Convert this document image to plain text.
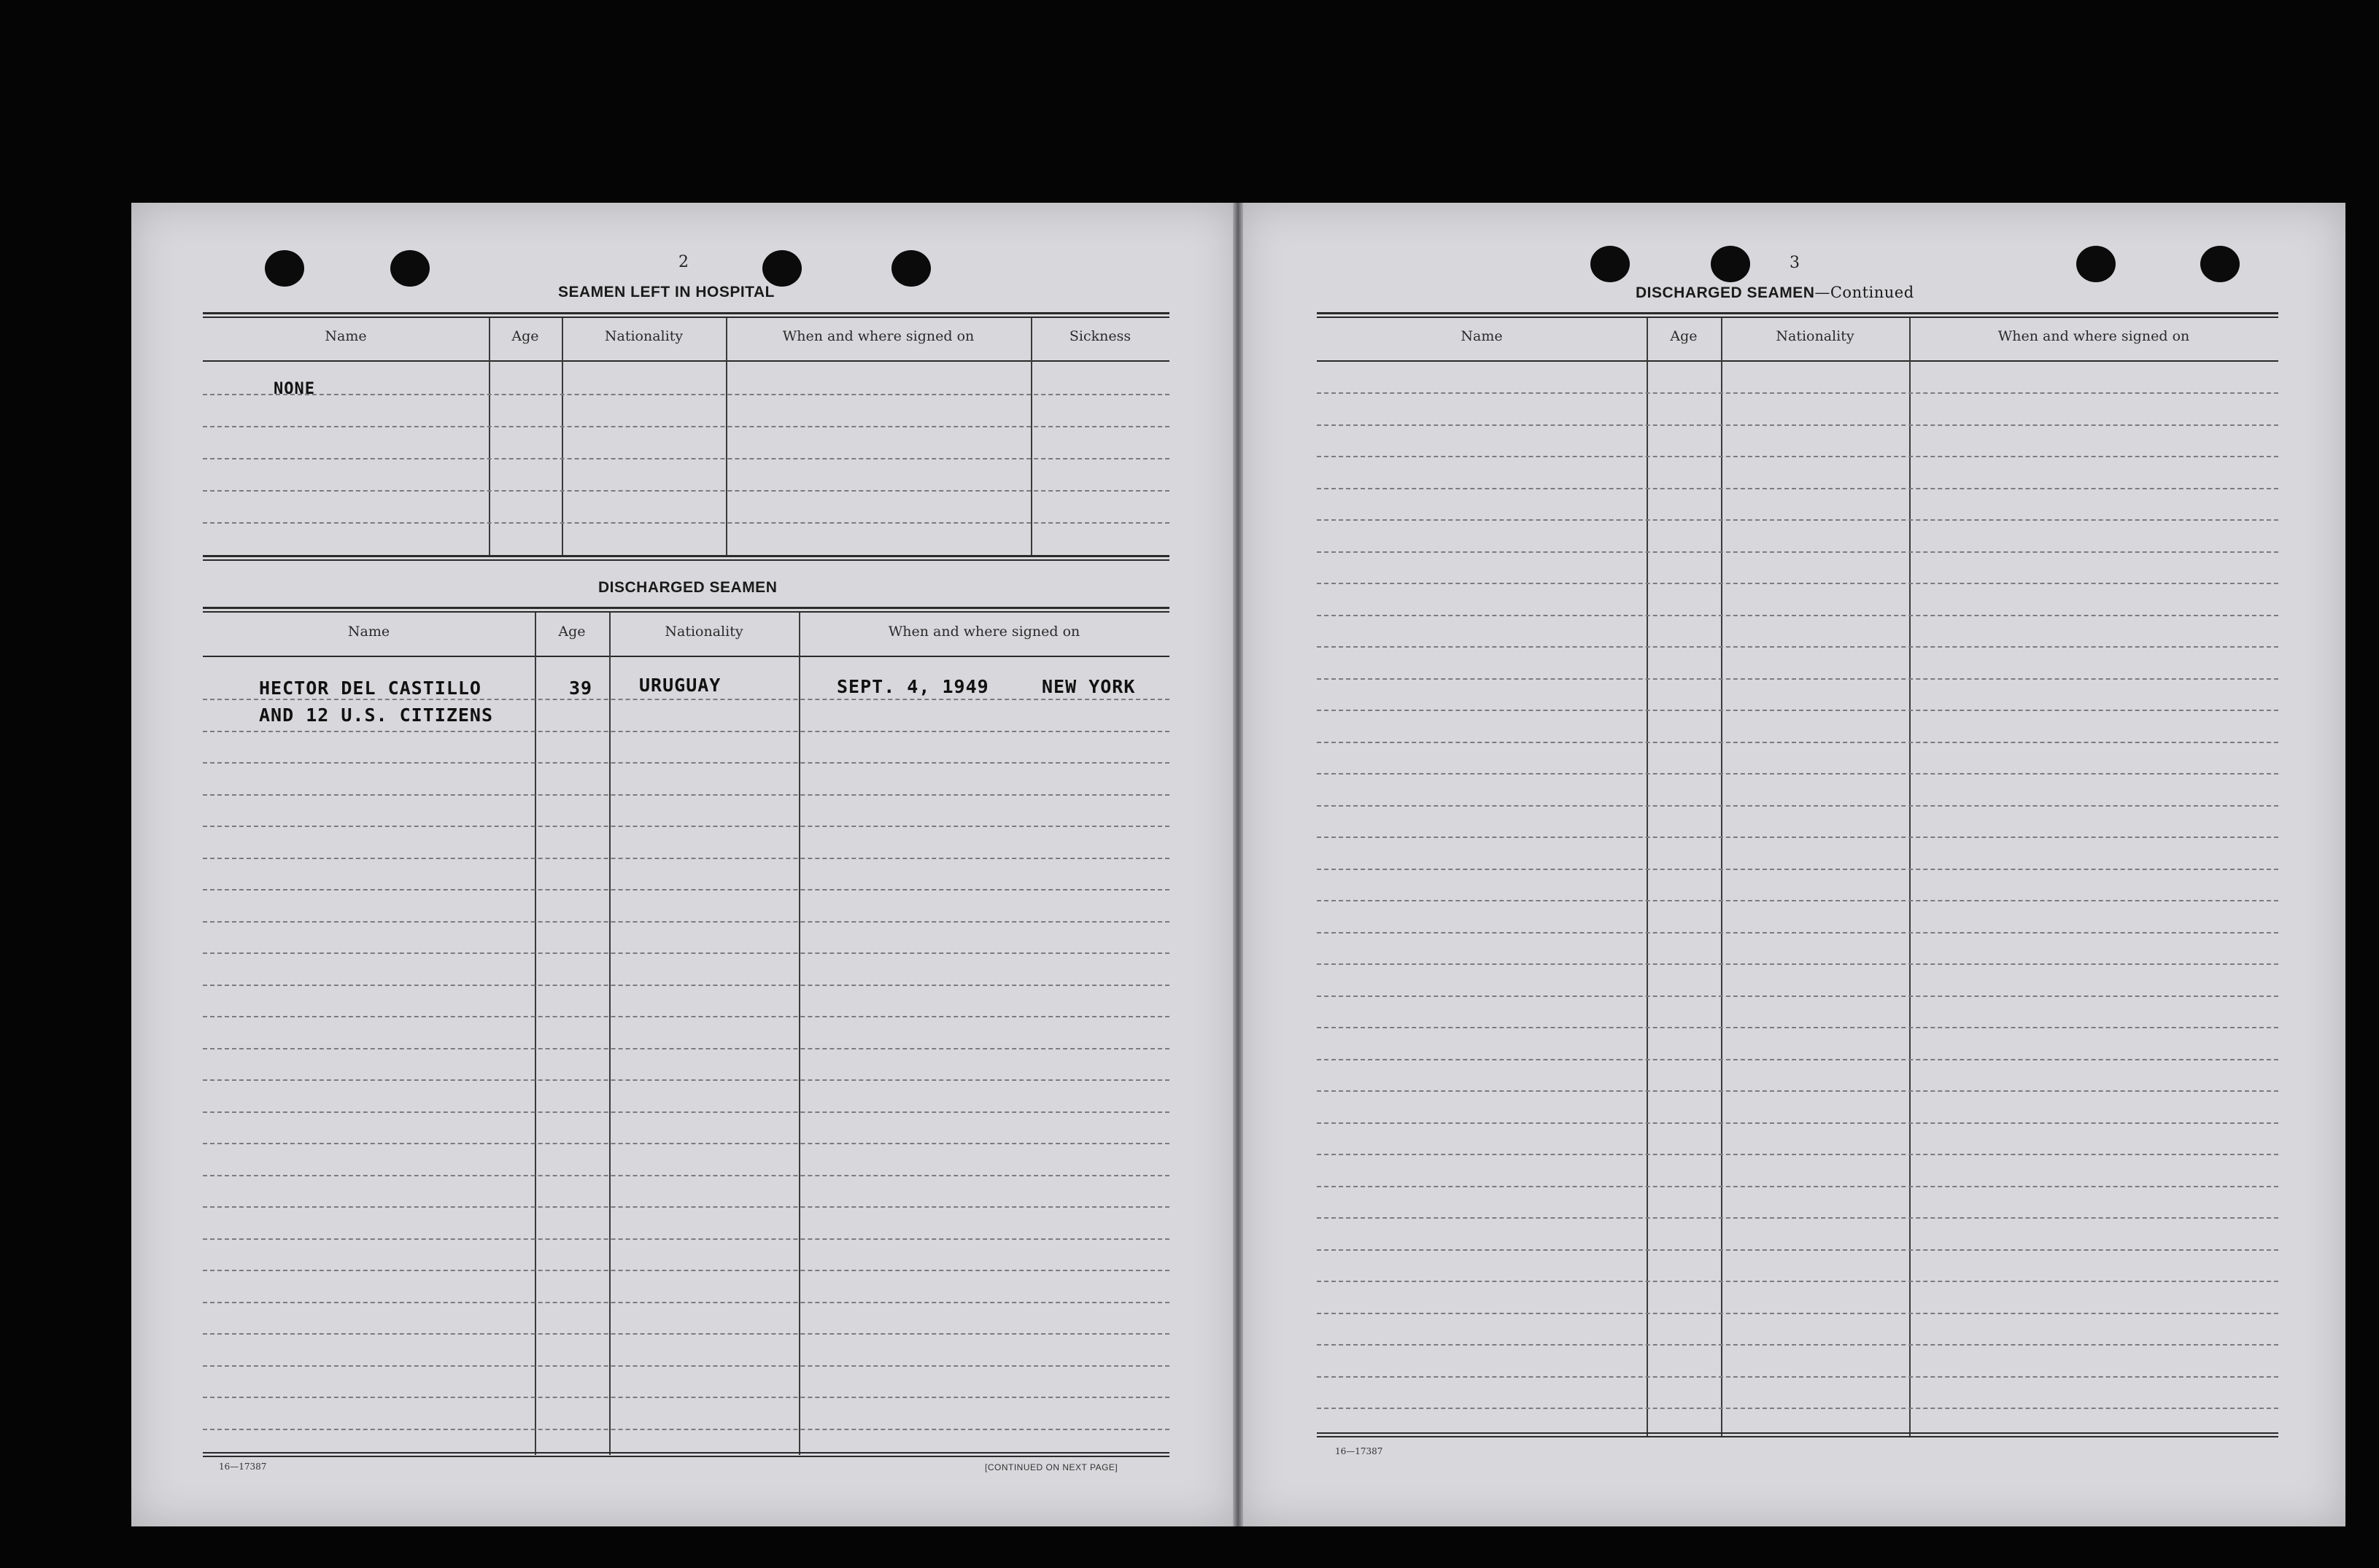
2
SEAMEN LEFT IN HOSPITAL
Name	Age	Nationality	When and where signed on	Sickness
NONE
DISCHARGED SEAMEN
Name	Age	Nationality	When and where signed on
HECTOR DEL CASTILLO	39	URUGUAY	SEPT. 4, 1949	NEW YORK
AND 12 U.S. CITIZENS
16—17387	[CONTINUED ON NEXT PAGE]
3
DISCHARGED SEAMEN—Continued
Name	Age	Nationality	When and where signed on
16—17387
